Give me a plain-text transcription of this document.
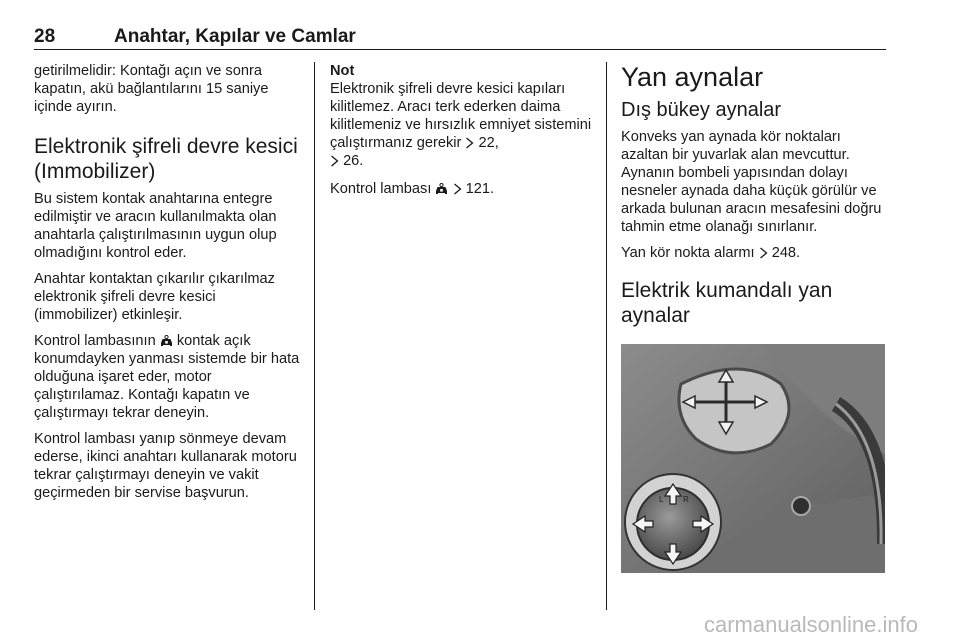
28	Anahtar, Kapılar ve Camlar

getirilmelidir: Kontağı açın ve sonra kapatın, akü bağlantılarını 15 saniye içinde ayırın.

Elektronik şifreli devre kesici (Immobilizer)

Bu sistem kontak anahtarına entegre edilmiştir ve aracın kullanılmakta olan anahtarla çalıştırılmasının uygun olup olmadığını kontrol eder.

Anahtar kontaktan çıkarılır çıkarılmaz elektronik şifreli devre kesici (immobilizer) etkinleşir.

Kontrol lambasının kontak açık konumdayken yanması sistemde bir hata olduğuna işaret eder, motor çalıştırılamaz. Kontağı kapatın ve çalıştırmayı tekrar deneyin.

Kontrol lambası yanıp sönmeye devam ederse, ikinci anahtarı kullanarak motoru tekrar çalıştırmayı deneyin ve vakit geçirmeden bir servise başvurun.

Not
Elektronik şifreli devre kesici kapıları kilitlemez. Aracı terk ederken daima kilitlemeniz ve hırsızlık emniyet sistemini çalıştırmanız gerekir 22,
26.

Kontrol lambası 121.

Yan aynalar
Dış bükey aynalar

Konveks yan aynada kör noktaları azaltan bir yuvarlak alan mevcuttur. Aynanın bombeli yapısından dolayı nesneler aynada daha küçük görülür ve arkada bulunan aracın mesafesini doğru tahmin etme olanağı sınırlanır.

Yan kör nokta alarmı 248.

Elektrik kumandalı yan aynalar
L R
carmanualsonline.info
